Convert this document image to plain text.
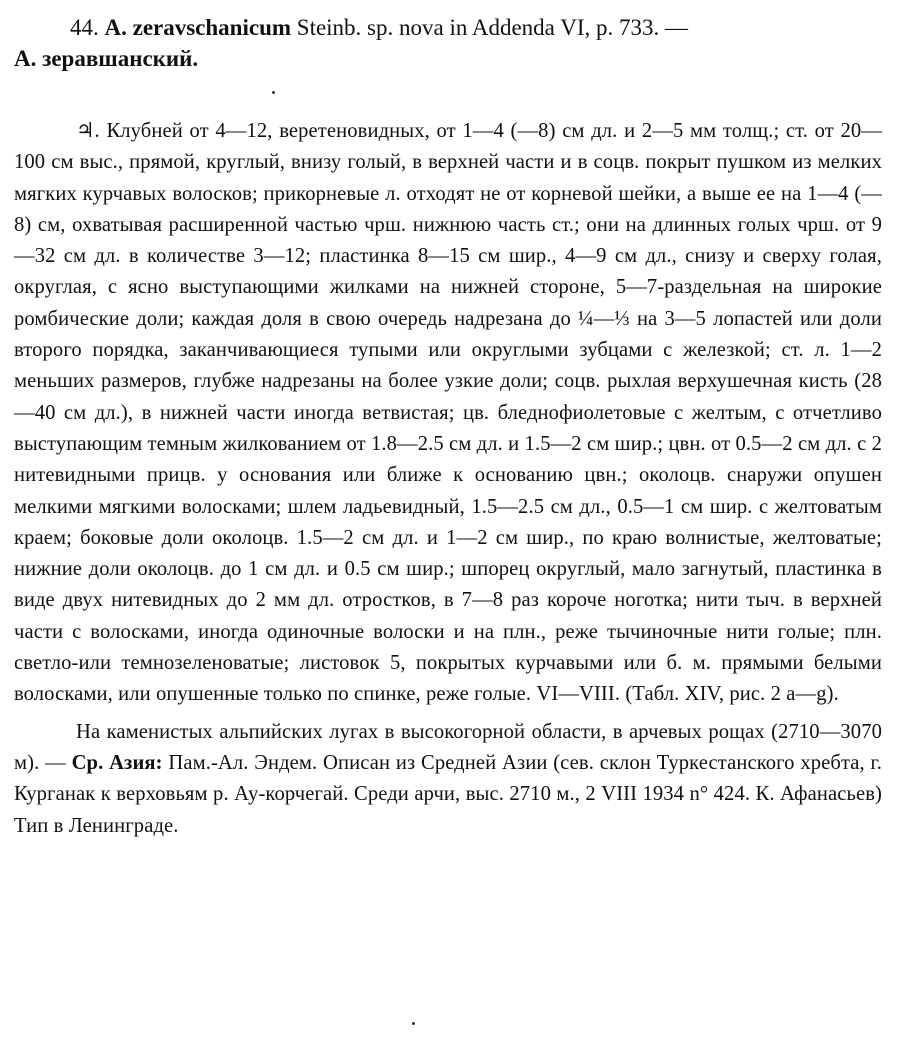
44. A. zeravschanicum Steinb. sp. nova in Addenda VI, p. 733. —
A. зеравшанский.

♃. Клубней от 4—12, веретеновидных, от 1—4 (—8) см дл. и 2—5 мм толщ.; ст. от 20—100 см выс., прямой, круглый, внизу голый, в верхней части и в соцв. покрыт пушком из мелких мягких курчавых волосков; прикорневые л. отходят не от корневой шейки, а выше ее на 1—4 (—8) см, охватывая расширенной частью чрш. нижнюю часть ст.; они на длинных голых чрш. от 9—32 см дл. в количестве 3—12; пластинка 8—15 см шир., 4—9 см дл., снизу и сверху голая, округлая, с ясно выступающими жилками на нижней стороне, 5—7-раздельная на широкие ромбические доли; каждая доля в свою очередь надрезана до ¼—⅓ на 3—5 лопастей или доли второго порядка, заканчивающиеся тупыми или округлыми зубцами с железкой; ст. л. 1—2 меньших размеров, глубже надрезаны на более узкие доли; соцв. рыхлая верхушечная кисть (28—40 см дл.), в нижней части иногда ветвистая; цв. бледнофиолетовые с желтым, с отчетливо выступающим темным жилкованием от 1.8—2.5 см дл. и 1.5—2 см шир.; цвн. от 0.5—2 см дл. с 2 нитевидными прицв. у основания или ближе к основанию цвн.; околоцв. снаружи опушен мелкими мягкими волосками; шлем ладьевидный, 1.5—2.5 см дл., 0.5—1 см шир. с желтоватым краем; боковые доли околоцв. 1.5—2 см дл. и 1—2 см шир., по краю волнистые, желтоватые; нижние доли околоцв. до 1 см дл. и 0.5 см шир.; шпорец округлый, мало загнутый, пластинка в виде двух нитевидных до 2 мм дл. отростков, в 7—8 раз короче ноготка; нити тыч. в верхней части с волосками, иногда одиночные волоски и на плн., реже тычиночные нити голые; плн. светло-или темнозеленоватые; листовок 5, покрытых курчавыми или б. м. прямыми белыми волосками, или опушенные только по спинке, реже голые. VI—VIII. (Табл. XIV, рис. 2 a—g).

На каменистых альпийских лугах в высокогорной области, в арчевых рощах (2710—3070 м). — Ср. Азия: Пам.-Ал. Эндем. Описан из Средней Азии (сев. склон Туркестанского хребта, г. Курганак к верховьям р. Ау-корчегай. Среди арчи, выс. 2710 м., 2 VIII 1934 n° 424. К. Афанасьев) Тип в Ленинграде.
